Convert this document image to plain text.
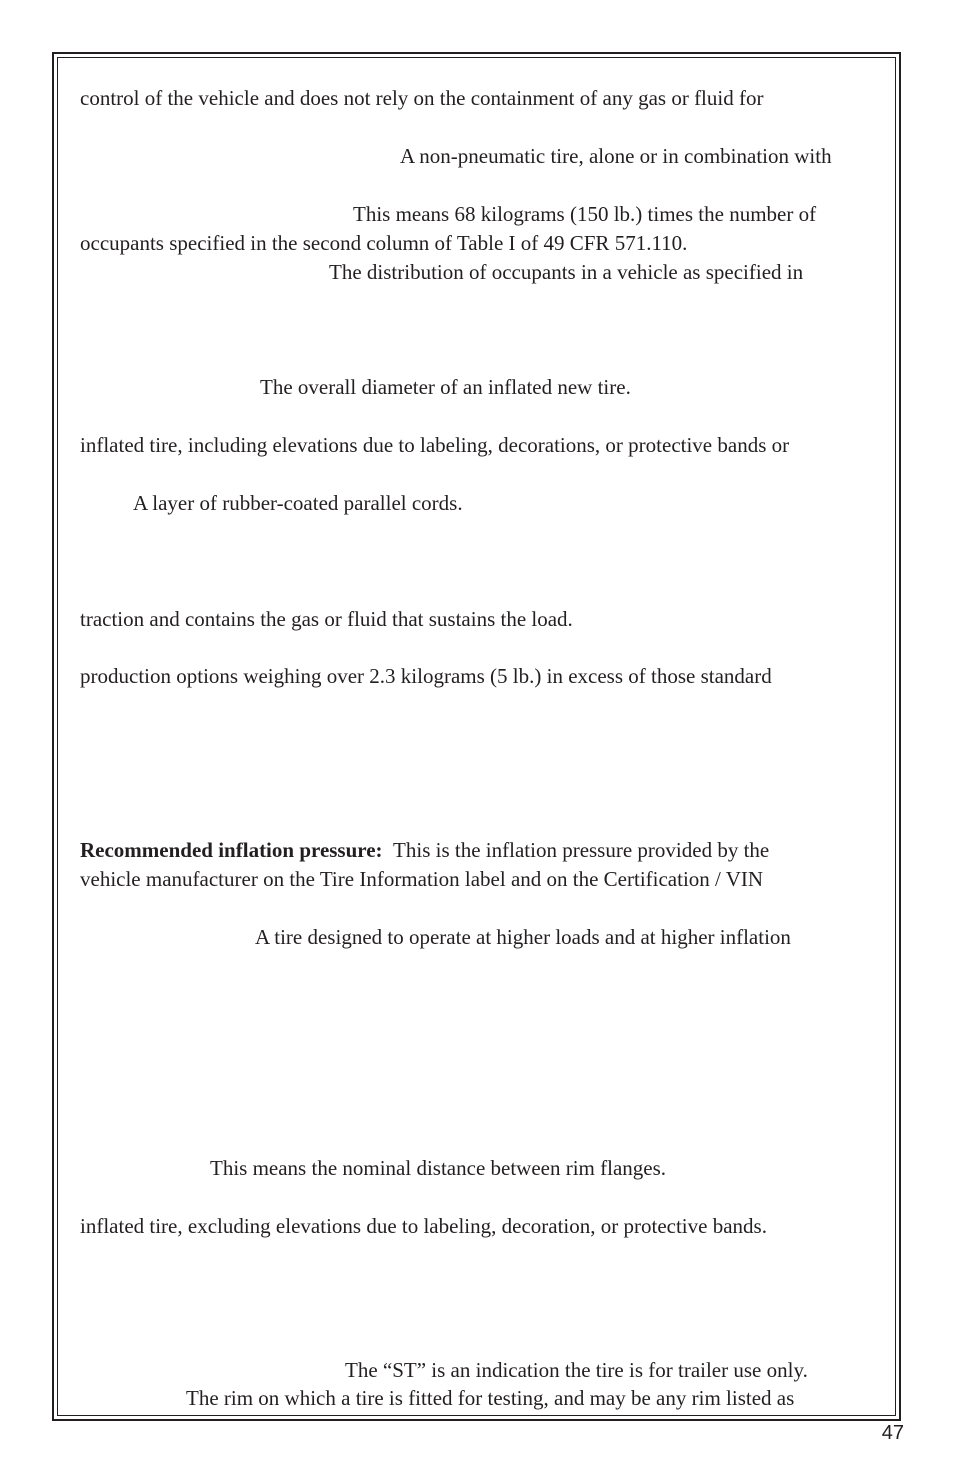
control of the vehicle and does not rely on the containment of any gas or fluid for
A non-pneumatic tire, alone or in combination with
This means 68 kilograms (150 lb.) times the number of
occupants specified in the second column of Table I of 49 CFR 571.110.
The distribution of occupants in a vehicle as specified in
The overall diameter of an inflated new tire.
inflated tire, including elevations due to labeling, decorations, or protective bands or
A layer of rubber-coated parallel cords.
traction and contains the gas or fluid that sustains the load.
production options weighing over 2.3 kilograms (5 lb.) in excess of those standard
Recommended inflation pressure: This is the inflation pressure provided by the
vehicle manufacturer on the Tire Information label and on the Certification / VIN
A tire designed to operate at higher loads and at higher inflation
This means the nominal distance between rim flanges.
inflated tire, excluding elevations due to labeling, decoration, or protective bands.
The “ST” is an indication the tire is for trailer use only.
The rim on which a tire is fitted for testing, and may be any rim listed as
47
